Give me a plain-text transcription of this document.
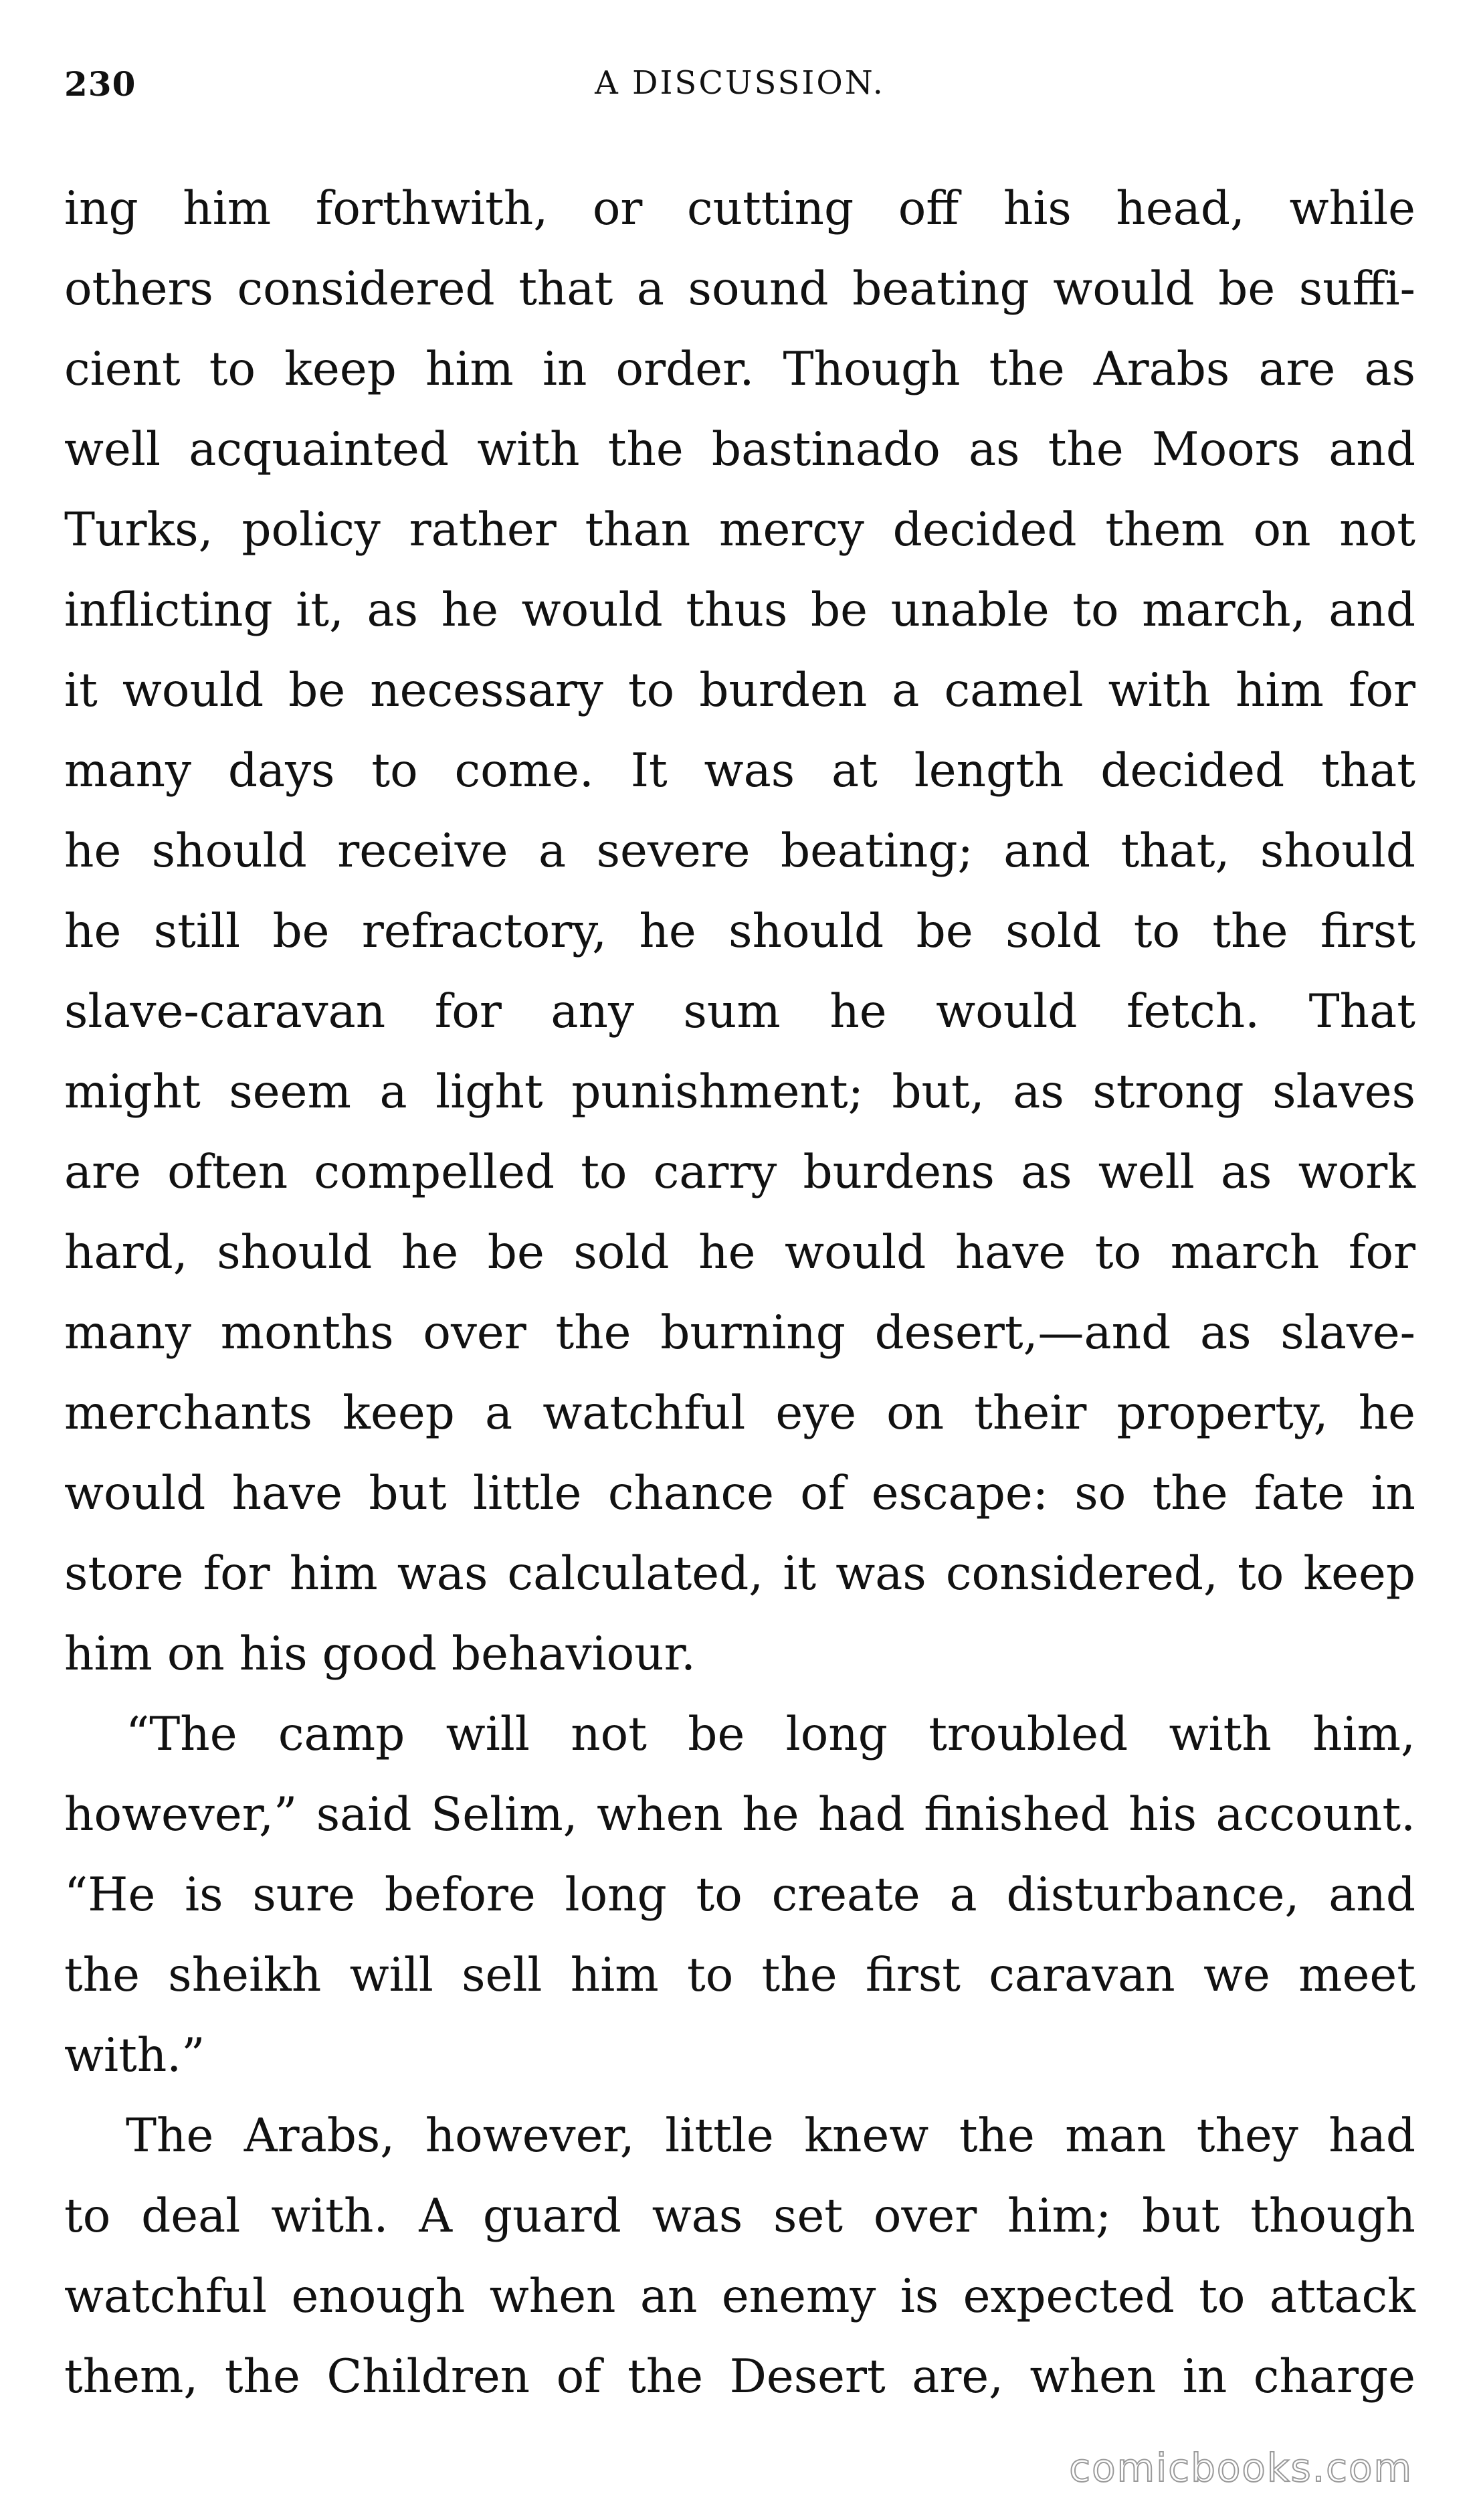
230	A DISCUSSION.

ing him forthwith, or cutting off his head, while
others considered that a sound beating would be suffi-
cient to keep him in order. Though the Arabs are as
well acquainted with the bastinado as the Moors and
Turks, policy rather than mercy decided them on not
inflicting it, as he would thus be unable to march, and
it would be necessary to burden a camel with him for
many days to come. It was at length decided that
he should receive a severe beating; and that, should
he still be refractory, he should be sold to the first
slave-caravan for any sum he would fetch. That
might seem a light punishment; but, as strong slaves
are often compelled to carry burdens as well as work
hard, should he be sold he would have to march for
many months over the burning desert,—and as slave-
merchants keep a watchful eye on their property, he
would have but little chance of escape: so the fate in
store for him was calculated, it was considered, to keep
him on his good behaviour.

“The camp will not be long troubled with him,
however,” said Selim, when he had finished his account.
“He is sure before long to create a disturbance, and
the sheikh will sell him to the first caravan we meet
with.”

The Arabs, however, little knew the man they had
to deal with. A guard was set over him; but though
watchful enough when an enemy is expected to attack
them, the Children of the Desert are, when in charge

comicbooks.com
